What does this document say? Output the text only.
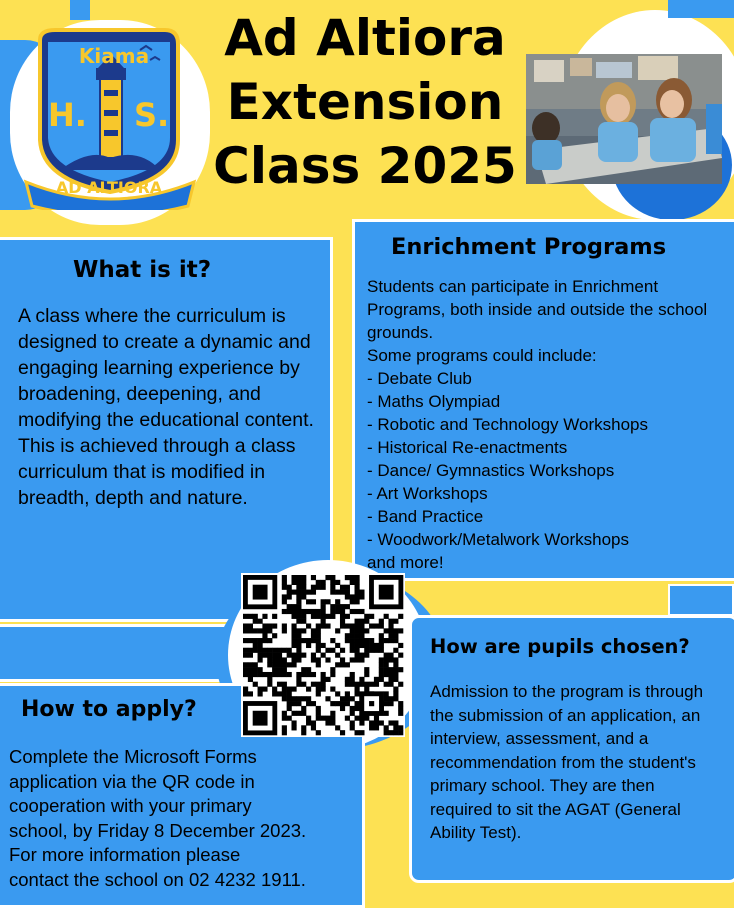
Kiama
H. S.
AD ALTIORA
Ad Altiora
Extension
Class 2025
What is it?

A class where the curriculum is designed to create a dynamic and engaging learning experience by broadening, deepening, and modifying the educational content. This is achieved through a class curriculum that is modified in breadth, depth and nature.

Enrichment Programs

Students can participate in Enrichment Programs, both inside and outside the school grounds.

Some programs could include:

- Debate Club
- Maths Olympiad
- Robotic and Technology Workshops
- Historical Re-enactments
- Dance/ Gymnastics Workshops
- Art Workshops
- Band Practice
- Woodwork/Metalwork Workshops
and more!
How to apply?
Complete the Microsoft Forms
application via the QR code in
cooperation with your primary
school, by Friday 8 December 2023.
For more information please
contact the school on 02 4232 1911.
How are pupils chosen?

Admission to the program is through the submission of an application, an interview, assessment, and a recommendation from the student's primary school. They are then required to sit the AGAT (General Ability Test).
